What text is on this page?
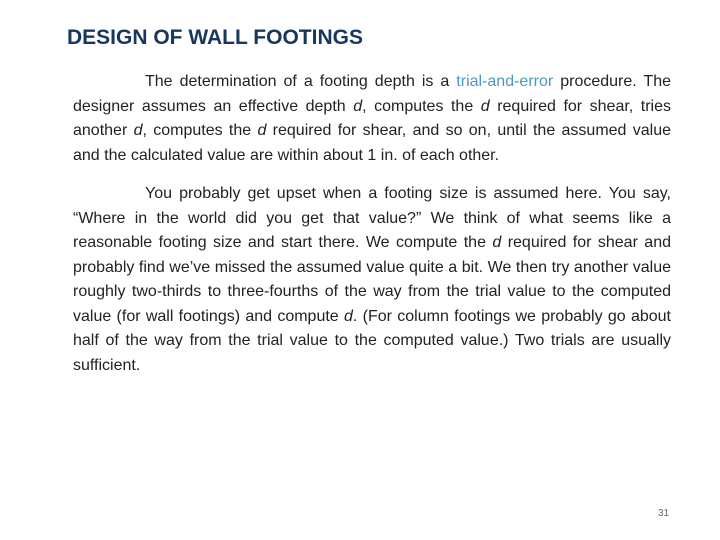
DESIGN OF WALL FOOTINGS

The determination of a footing depth is a trial-and-error procedure. The designer assumes an effective depth d, computes the d required for shear, tries another d, computes the d required for shear, and so on, until the assumed value and the calculated value are within about 1 in. of each other.

You probably get upset when a footing size is assumed here. You say, “Where in the world did you get that value?” We think of what seems like a reasonable footing size and start there. We compute the d required for shear and probably find we’ve missed the assumed value quite a bit. We then try another value roughly two-thirds to three-fourths of the way from the trial value to the computed value (for wall footings) and compute d. (For column footings we probably go about half of the way from the trial value to the computed value.) Two trials are usually sufficient.

31
